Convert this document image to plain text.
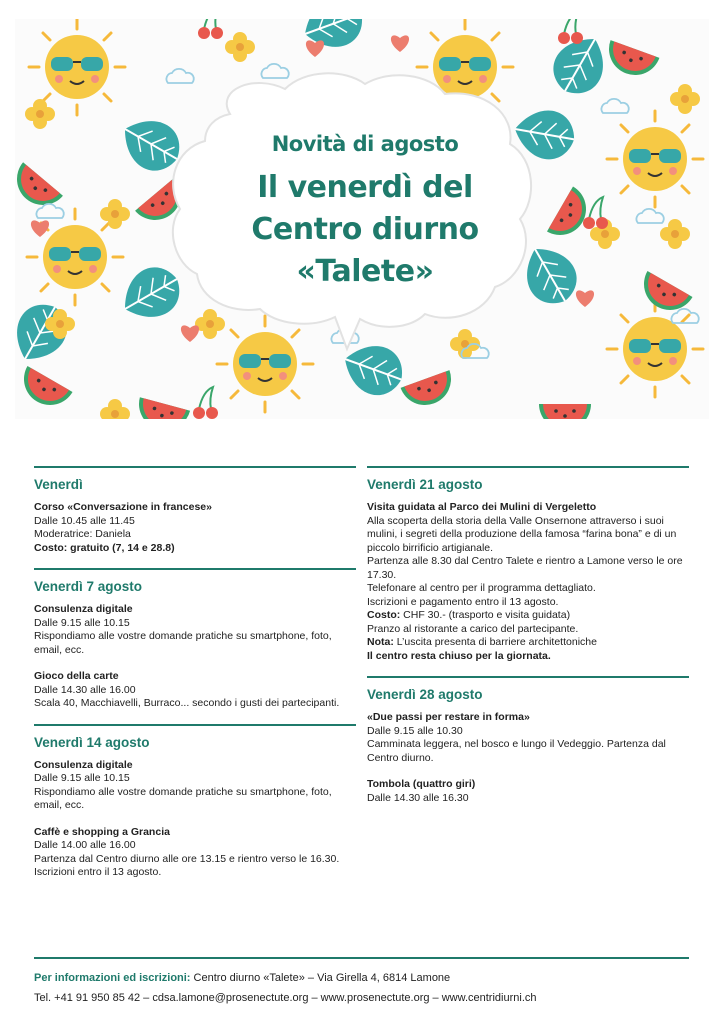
Novità di agosto
Il venerdì del
Centro diurno
«Talete»
Venerdì
Corso «Conversazione in francese»
Dalle 10.45 alle 11.45
Moderatrice: Daniela
Costo: gratuito (7, 14 e 28.8)
Venerdì 7 agosto
Consulenza digitale
Dalle 9.15 alle 10.15
Rispondiamo alle vostre domande pratiche su smartphone, foto, email, ecc.
Gioco della carte
Dalle 14.30 alle 16.00
Scala 40, Macchiavelli, Burraco... secondo i gusti dei partecipanti.
Venerdì 14 agosto
Consulenza digitale
Dalle 9.15 alle 10.15
Rispondiamo alle vostre domande pratiche su smartphone, foto, email, ecc.
Caffè e shopping a Grancia
Dalle 14.00 alle 16.00
Partenza dal Centro diurno alle ore 13.15 e rientro verso le 16.30.
Iscrizioni entro il 13 agosto.
Venerdì 21 agosto
Visita guidata al Parco dei Mulini di Vergeletto
Alla scoperta della storia della Valle Onsernone attraverso i suoi mulini, i segreti della produzione della famosa “farina bona” e di un piccolo birrificio artigianale.
Partenza alle 8.30 dal Centro Talete e rientro a Lamone verso le ore 17.30.
Telefonare al centro per il programma dettagliato.
Iscrizioni e pagamento entro il 13 agosto.
Costo: CHF 30.- (trasporto e visita guidata)
Pranzo al ristorante a carico del partecipante.
Nota: L’uscita presenta di barriere architettoniche
Il centro resta chiuso per la giornata.
Venerdì 28 agosto
«Due passi per restare in forma»
Dalle 9.15 alle 10.30
Camminata leggera, nel bosco e lungo il Vedeggio. Partenza dal Centro diurno.
Tombola (quattro giri)
Dalle 14.30 alle 16.30
Per informazioni ed iscrizioni: Centro diurno «Talete» – Via Girella 4, 6814 Lamone
Tel. +41 91 950 85 42 – cdsa.lamone@prosenectute.org – www.prosenectute.org – www.centridiurni.ch
